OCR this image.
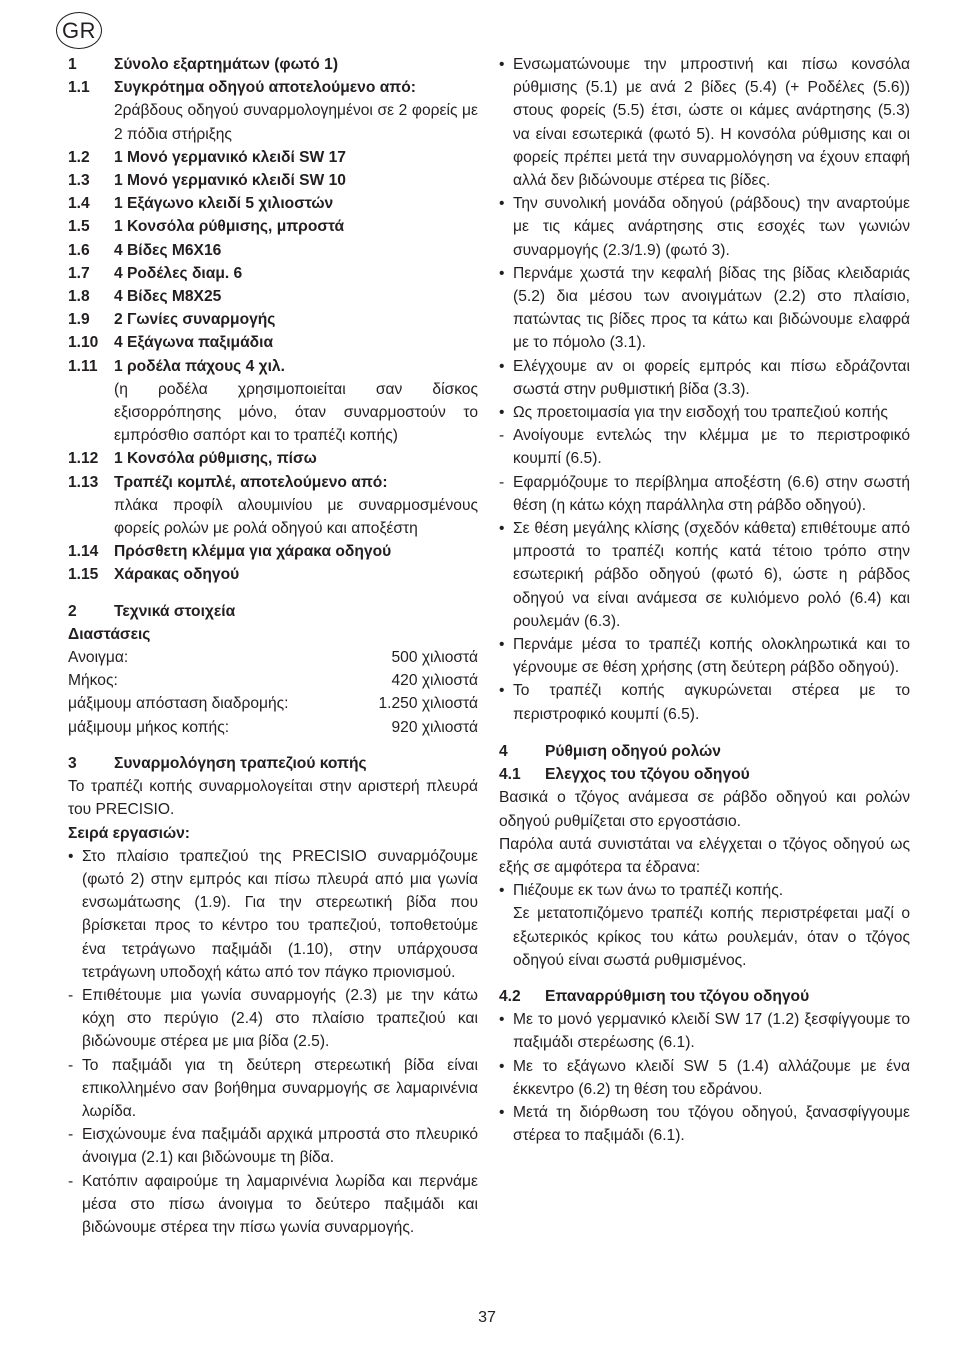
GR
1	Σύνολο εξαρτημάτων (φωτό 1)
1.1	Συγκρότημα οδηγού αποτελούμενο από:
2ράβδους οδηγού συναρμολογημένοι σε 2 φορείς με 2 πόδια στήριξης
1.2	1 Μονό γερμανικό κλειδί SW 17
1.3	1 Μονό γερμανικό κλειδί SW 10
1.4	1 Εξάγωνο κλειδί 5 χιλιοστών
1.5	1 Κονσόλα ρύθμισης, μπροστά
1.6	4 Βίδες M6X16
1.7	4 Ροδέλες διαμ. 6
1.8	4 Βίδες M8X25
1.9	2 Γωνίες συναρμογής
1.10	4 Εξάγωνα παξιμάδια
1.11	1 ροδέλα πάχους 4 χιλ.
(η ροδέλα χρησιμοποιείται σαν δίσκος εξισορρόπησης μόνο, όταν συναρμοστούν το εμπρόσθιο σαπόρτ και το τραπέζι κοπής)
1.12	1 Κονσόλα ρύθμισης, πίσω
1.13	Τραπέζι κομπλέ, αποτελούμενο από:
πλάκα προφίλ αλουμινίου με συναρμοσμένους φορείς ρολών με ρολά οδηγού και αποξέστη
1.14	Πρόσθετη κλέμμα για χάρακα οδηγού
1.15	Χάρακας οδηγού
2	Τεχνικά στοιχεία
Διαστάσεις
Ανοιγμα:	500 χιλιοστά
Μήκος:	420 χιλιοστά
μάξιμουμ απόσταση διαδρομής:	1.250 χιλιοστά
μάξιμουμ μήκος κοπής:	920 χιλιοστά
3	Συναρμολόγηση τραπεζιού κοπής
Το τραπέζι κοπής συναρμολογείται στην αριστερή πλευρά του PRECISIO.
Σειρά εργασιών:
• Στο πλαίσιο τραπεζιού της PRECISIO συναρμόζουμε (φωτό 2) στην εμπρός και πίσω πλευρά από μια γωνία ενσωμάτωσης (1.9). Για την στερεωτική βίδα που βρίσκεται προς το κέντρο του τραπεζιού, τοποθετούμε ένα τετράγωνο παξιμάδι (1.10), στην υπάρχουσα τετράγωνη υποδοχή κάτω από τον πάγκο πριονισμού.
- Επιθέτουμε μια γωνία συναρμογής (2.3) με την κάτω κόχη στο περύγιο (2.4) στο πλαίσιο τραπεζιού και βιδώνουμε στέρεα με μια βίδα (2.5).
- Το παξιμάδι για τη δεύτερη στερεωτική βίδα είναι επικολλημένο σαν βοήθημα συναρμογής σε λαμαρινένια λωρίδα.
- Εισχώνουμε ένα παξιμάδι αρχικά μπροστά στο πλευρικό άνοιγμα (2.1) και βιδώνουμε τη βίδα.
- Κατόπιν αφαιρούμε τη λαμαρινένια λωρίδα και περνάμε μέσα στο πίσω άνοιγμα το δεύτερο παξιμάδι και βιδώνουμε στέρεα την πίσω γωνία συναρμογής.
• Ενσωματώνουμε την μπροστινή και πίσω κονσόλα ρύθμισης (5.1) με ανά 2 βίδες (5.4) (+ Ροδέλες (5.6)) στους φορείς (5.5) έτσι, ώστε οι κάμες ανάρτησης (5.3) να είναι εσωτερικά (φωτό 5). Η κονσόλα ρύθμισης και οι φορείς πρέπει μετά την συναρμολόγηση να έχουν επαφή αλλά δεν βιδώνουμε στέρεα τις βίδες.
• Την συνολική μονάδα οδηγού (ράβδους) την αναρτούμε με τις κάμες ανάρτησης στις εσοχές των γωνιών συναρμογής (2.3/1.9) (φωτό 3).
• Περνάμε χωστά την κεφαλή βίδας της βίδας κλειδαριάς (5.2) δια μέσου των ανοιγμάτων (2.2) στο πλαίσιο, πατώντας τις βίδες προς τα κάτω και βιδώνουμε ελαφρά με το πόμολο (3.1).
• Ελέγχουμε αν οι φορείς εμπρός και πίσω εδράζονται σωστά στην ρυθμιστική βίδα (3.3).
• Ως προετοιμασία για την εισδοχή του τραπεζιού κοπής
- Ανοίγουμε εντελώς την κλέμμα με το περιστροφικό κουμπί (6.5).
- Εφαρμόζουμε το περίβλημα αποξέστη (6.6) στην σωστή θέση (η κάτω κόχη παράλληλα στη ράβδο οδηγού).
• Σε θέση μεγάλης κλίσης (σχεδόν κάθετα) επιθέτουμε από μπροστά το τραπέζι κοπής κατά τέτοιο τρόπο στην εσωτερική ράβδο οδηγού (φωτό 6), ώστε η ράβδος οδηγού να είναι ανάμεσα σε κυλιόμενο ρολό (6.4) και ρουλεμάν (6.3).
• Περνάμε μέσα το τραπέζι κοπής ολοκληρωτικά και το γέρνουμε σε θέση χρήσης (στη δεύτερη ράβδο οδηγού).
• Το τραπέζι κοπής αγκυρώνεται στέρεα με το περιστροφικό κουμπί (6.5).
4	Ρύθμιση οδηγού ρολών
4.1	Ελεγχος του τζόγου οδηγού
Βασικά ο τζόγος ανάμεσα σε ράβδο οδηγού και ρολών οδηγού ρυθμίζεται στο εργοστάσιο.
Παρόλα αυτά συνιστάται να ελέγχεται ο τζόγος οδηγού ως εξής σε αμφότερα τα έδρανα:
• Πιέζουμε εκ των άνω το τραπέζι κοπής.
Σε μετατοπιζόμενο τραπέζι κοπής περιστρέφεται μαζί ο εξωτερικός κρίκος του κάτω ρουλεμάν, όταν ο τζόγος οδηγού είναι σωστά ρυθμισμένος.
4.2	Επαναρρύθμιση του τζόγου οδηγού
• Με το μονό γερμανικό κλειδί SW 17 (1.2) ξεσφίγγουμε το παξιμάδι στερέωσης (6.1).
• Με το εξάγωνο κλειδί SW 5 (1.4) αλλάζουμε με ένα έκκεντρο (6.2) τη θέση του εδράνου.
• Μετά τη διόρθωση του τζόγου οδηγού, ξανασφίγγουμε στέρεα το παξιμάδι (6.1).
37
